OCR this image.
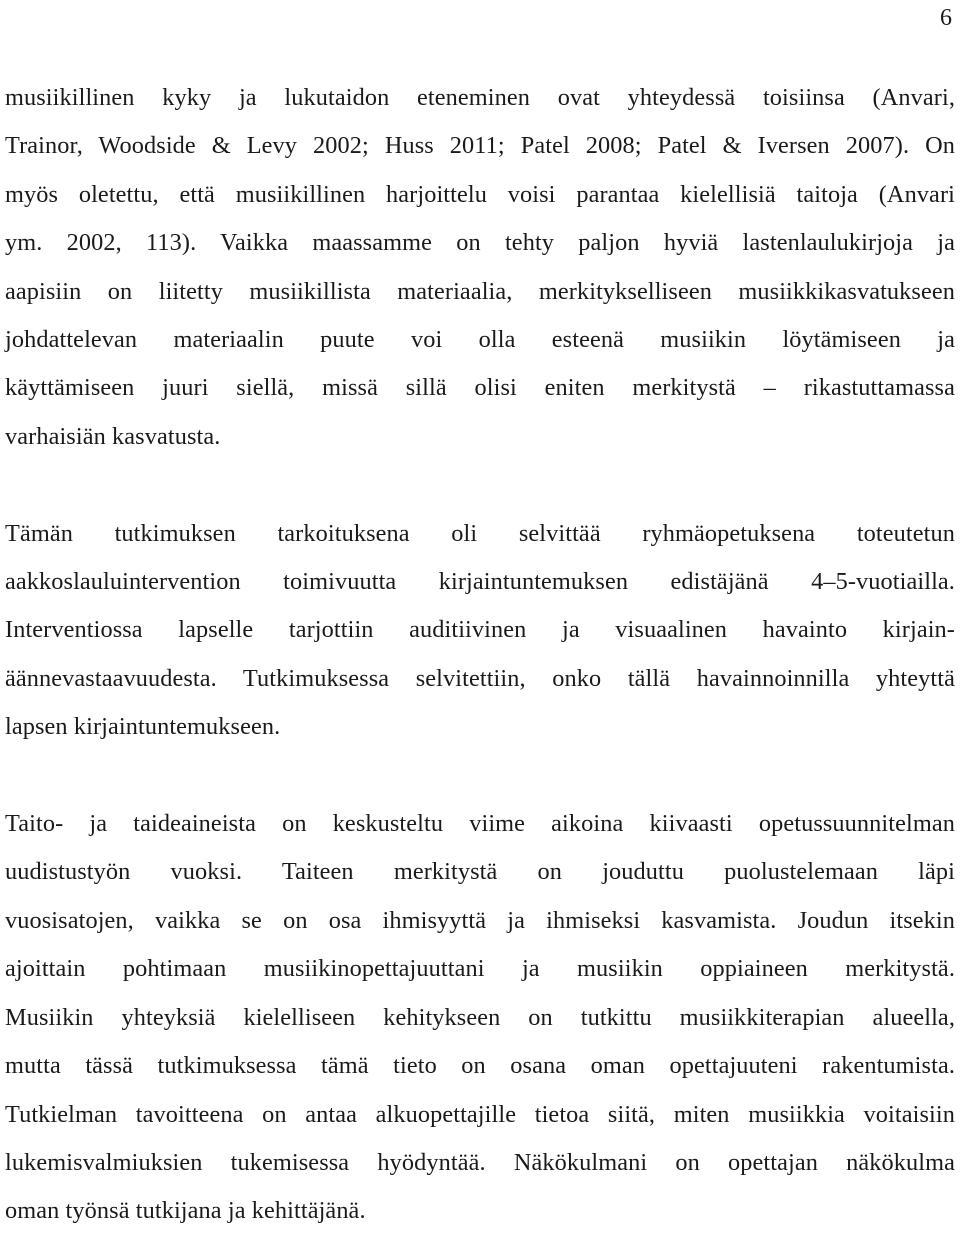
6

musiikillinen kyky ja lukutaidon eteneminen ovat yhteydessä toisiinsa (Anvari,
Trainor, Woodside & Levy 2002; Huss 2011; Patel 2008; Patel & Iversen 2007). On
myös oletettu, että musiikillinen harjoittelu voisi parantaa kielellisiä taitoja (Anvari
ym. 2002, 113). Vaikka maassamme on tehty paljon hyviä lastenlaulukirjoja ja
aapisiin on liitetty musiikillista materiaalia, merkitykselliseen musiikkikasvatukseen
johdattelevan materiaalin puute voi olla esteenä musiikin löytämiseen ja
käyttämiseen juuri siellä, missä sillä olisi eniten merkitystä – rikastuttamassa
varhaisiän kasvatusta.

Tämän tutkimuksen tarkoituksena oli selvittää ryhmäopetuksena toteutetun
aakkoslauluintervention toimivuutta kirjaintuntemuksen edistäjänä 4–5-vuotiailla.
Interventiossa lapselle tarjottiin auditiivinen ja visuaalinen havainto kirjain-
äännevastaavuudesta. Tutkimuksessa selvitettiin, onko tällä havainnoinnilla yhteyttä
lapsen kirjaintuntemukseen.

Taito- ja taideaineista on keskusteltu viime aikoina kiivaasti opetussuunnitelman
uudistustyön vuoksi. Taiteen merkitystä on jouduttu puolustelemaan läpi
vuosisatojen, vaikka se on osa ihmisyyttä ja ihmiseksi kasvamista. Joudun itsekin
ajoittain pohtimaan musiikinopettajuuttani ja musiikin oppiaineen merkitystä.
Musiikin yhteyksiä kielelliseen kehitykseen on tutkittu musiikkiterapian alueella,
mutta tässä tutkimuksessa tämä tieto on osana oman opettajuuteni rakentumista.
Tutkielman tavoitteena on antaa alkuopettajille tietoa siitä, miten musiikkia voitaisiin
lukemisvalmiuksien tukemisessa hyödyntää. Näkökulmani on opettajan näkökulma
oman työnsä tutkijana ja kehittäjänä.
